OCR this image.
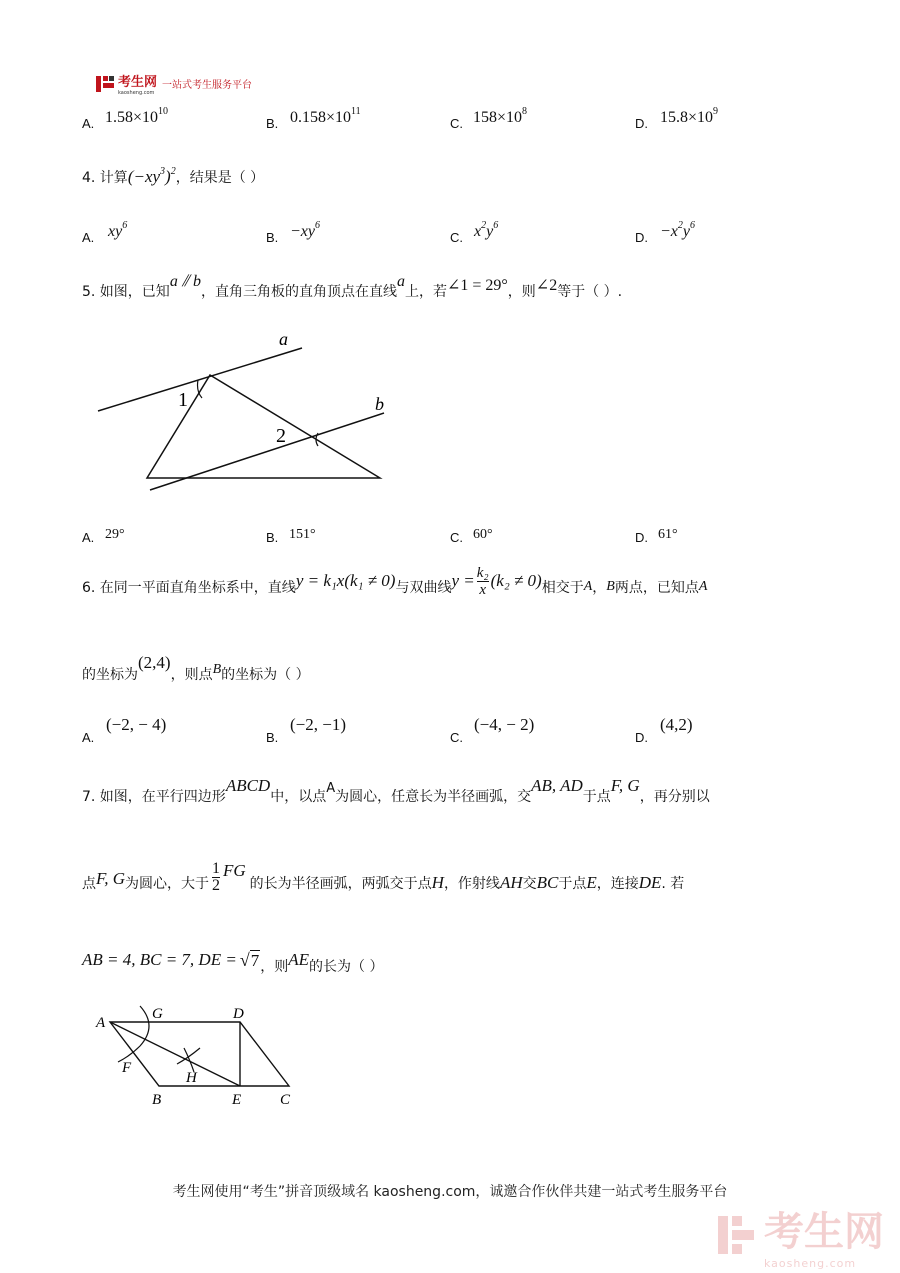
考生网
kaosheng.com
一站式考生服务平台
A. $1.58\times 10^{10}$
B. $0.158\times 10^{11}$
C. $158\times 10^8$
D. $15.8\times 10^9$
4. 计算$(-xy^3)^2$，结果是（ ）
A. $xy^6$
B. $-xy^6$
C. $x^2y^6$
D. $-x^2y^6$
5. 如图，已知a ⫽ b，直角三角板的直角顶点在直线a上，若∠1 = 29°，则∠2等于（ ）.
a
b
1
2
A. 29°	B. 151°	C. 60°	D. 61°
6. 在同一平面直角坐标系中，直线 y = k₁x(k₁ ≠ 0) 与双曲线 $y = \frac{\text{k₂}}{x} (k_2 \ne 0)$ 相交于 A ， B 两点，已知点 A
的坐标为
(2,4)
，则点 B 的坐标为（ ）
A.
(−2, − 4)
B.
(−2, −1)
C.
(−4, − 2)
D.
(4,2)
7. 如图，在平行四边形
ABCD
中，以点
A
为圆心，任意长为半径画弧，交
AB, AD
于点
F, G
，再分别以
点 F, G 为圆心，大于 $\frac{1}{2}$ FG
的长为半径画弧，两弧交于点 H ，作射线 AH 交 BC 于点 E ，连接 DE . 若
AB = 4, BC = 7, DE = √ 7 ，则 AE 的长为（ ）
A
G	D
F
H
B	E	C
考生网使用“考生”拼音顶级域名 kaosheng.com，诚邀合作伙伴共建一站式考生服务平台
考生网
kaosheng.com
